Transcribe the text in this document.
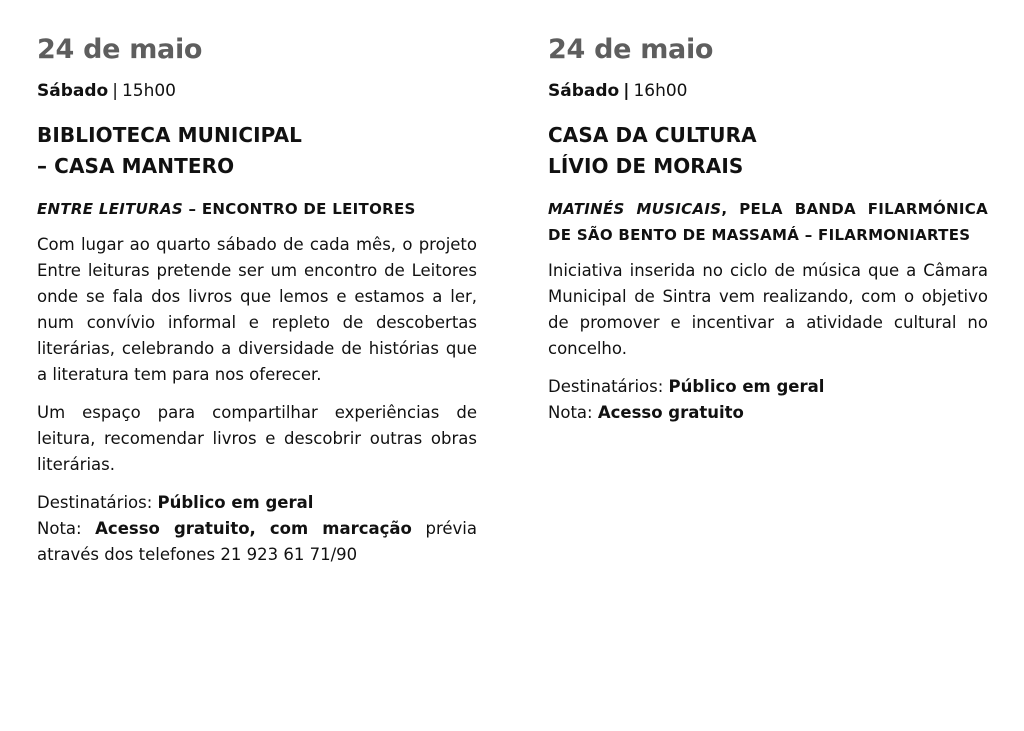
24 de maio
Sábado | 15h00
BIBLIOTECA MUNICIPAL
– CASA MANTERO
ENTRE LEITURAS – ENCONTRO DE LEITORES

Com lugar ao quarto sábado de cada mês, o projeto Entre leituras pretende ser um encontro de Leitores onde se fala dos livros que lemos e estamos a ler, num convívio informal e repleto de descobertas literárias, celebrando a diversidade de histórias que a literatura tem para nos oferecer.

Um espaço para compartilhar experiências de leitura, recomendar livros e descobrir outras obras literárias.

Destinatários: Público em geral
Nota: Acesso gratuito, com marcação prévia através dos telefones 21 923 61 71/90
24 de maio
Sábado | 16h00
CASA DA CULTURA
LÍVIO DE MORAIS
MATINÉS MUSICAIS, PELA BANDA FILARMÓNICA DE SÃO BENTO DE MASSAMÁ – FILARMONIARTES

Iniciativa inserida no ciclo de música que a Câmara Municipal de Sintra vem realizando, com o objetivo de promover e incentivar a atividade cultural no concelho.

Destinatários: Público em geral
Nota: Acesso gratuito
